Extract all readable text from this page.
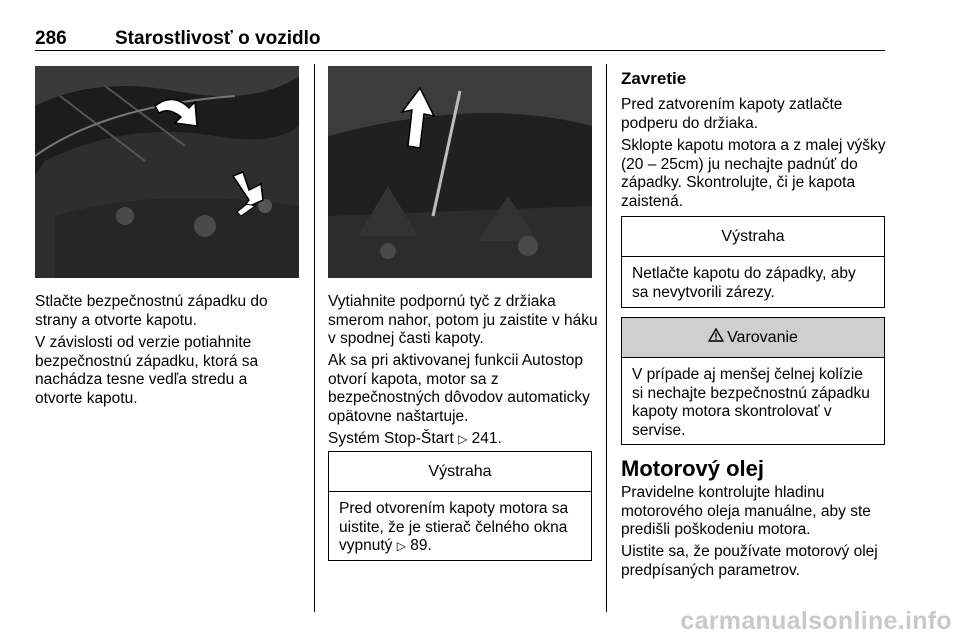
286	Starostlivosť o vozidlo
Stlačte bezpečnostnú západku do strany a otvorte kapotu.
V závislosti od verzie potiahnite bezpečnostnú západku, ktorá sa nachádza tesne vedľa stredu a otvorte kapotu.
Vytiahnite podpornú tyč z držiaka smerom nahor, potom ju zaistite v háku v spodnej časti kapoty.
Ak sa pri aktivovanej funkcii Autostop otvorí kapota, motor sa z bezpečnostných dôvodov automaticky opätovne naštartuje.
Systém Stop-Štart ▷ 241.
Výstraha
Pred otvorením kapoty motora sa uistite, že je stierač čelného okna vypnutý ▷ 89.
Zavretie
Pred zatvorením kapoty zatlačte podperu do držiaka.
Sklopte kapotu motora a z malej výšky (20 – 25cm) ju nechajte padnúť do západky. Skontrolujte, či je kapota zaistená.
Výstraha
Netlačte kapotu do západky, aby sa nevytvorili zárezy.
Varovanie
V prípade aj menšej čelnej kolízie si nechajte bezpečnostnú západku kapoty motora skontrolovať v servise.
Motorový olej
Pravidelne kontrolujte hladinu motorového oleja manuálne, aby ste predišli poškodeniu motora.
Uistite sa, že používate motorový olej predpísaných parametrov.
carmanualsonline.info
